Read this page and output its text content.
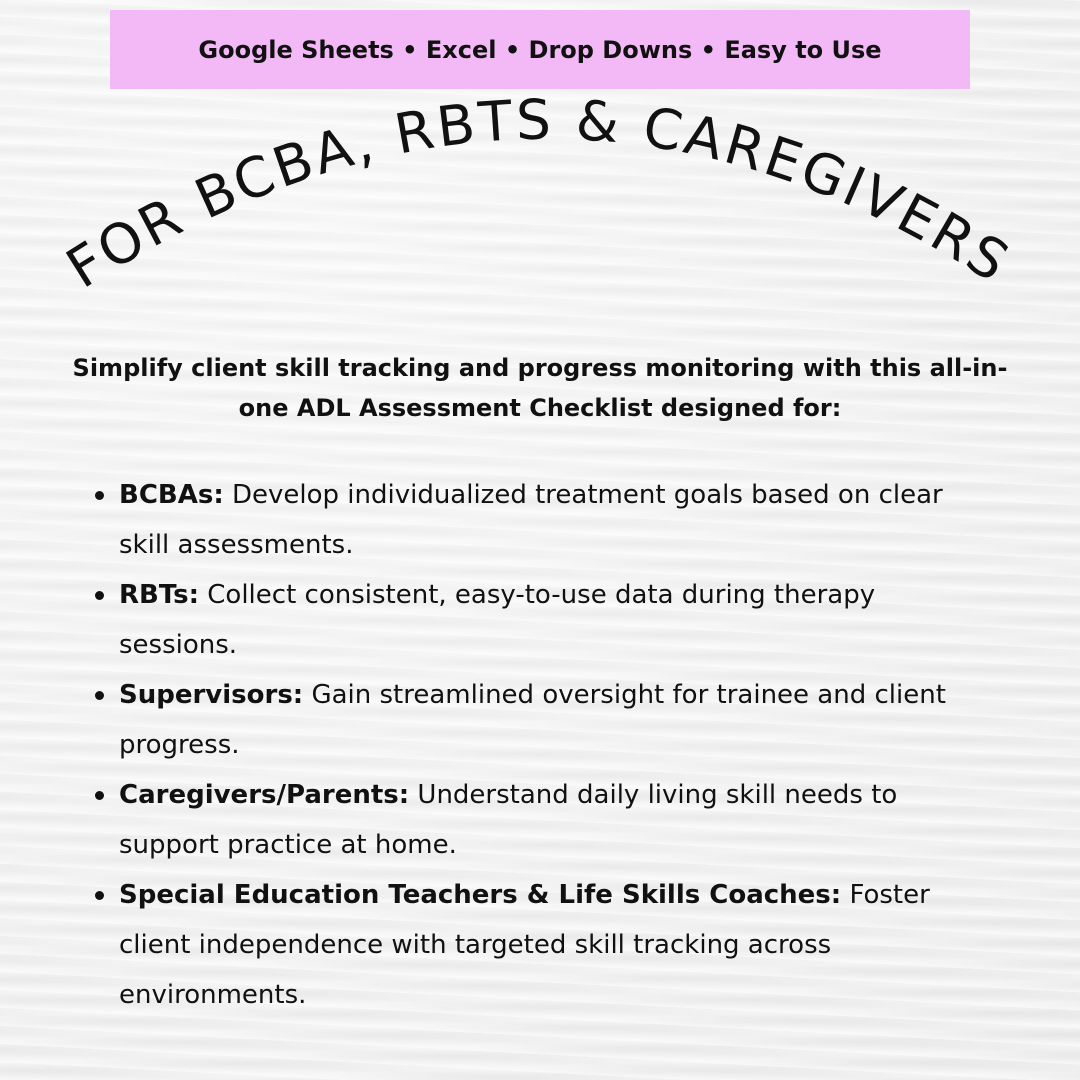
Google Sheets • Excel • Drop Downs • Easy to Use
FOR BCBA, RBTS & CAREGIVERS
Simplify client skill tracking and progress monitoring with this all-in-one ADL Assessment Checklist designed for:
BCBAs: Develop individualized treatment goals based on clear skill assessments.
RBTs: Collect consistent, easy-to-use data during therapy sessions.
Supervisors: Gain streamlined oversight for trainee and client progress.
Caregivers/Parents: Understand daily living skill needs to support practice at home.
Special Education Teachers & Life Skills Coaches: Foster client independence with targeted skill tracking across environments.
